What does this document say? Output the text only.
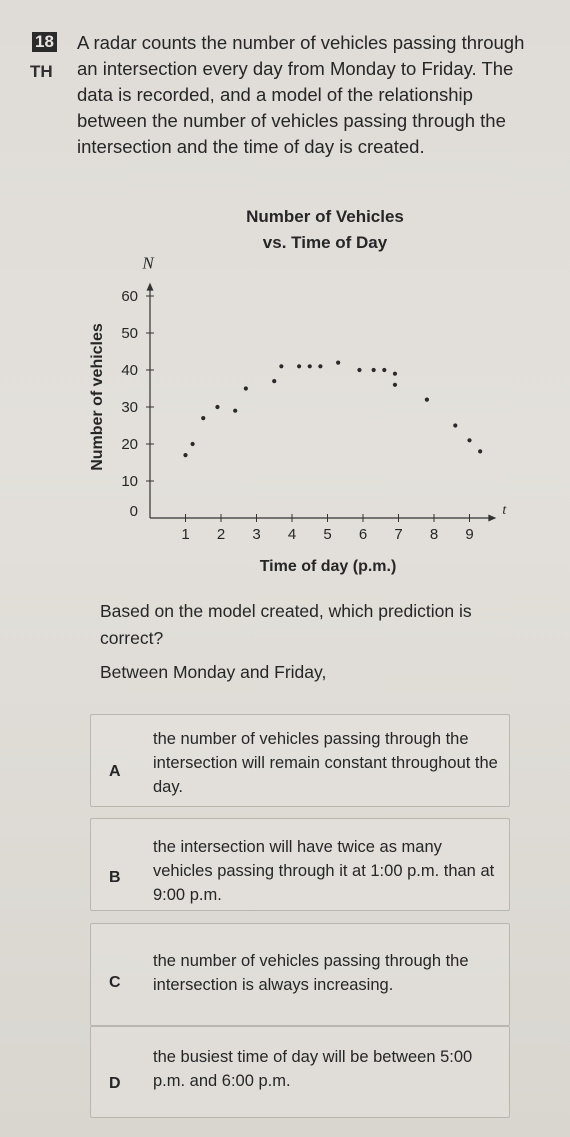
18
TH

A radar counts the number of vehicles passing through an intersection every day from Monday to Friday. The data is recorded, and a model of the relationship between the number of vehicles passing through the intersection and the time of day is created.

Number of Vehicles
vs. Time of Day
N
t
0
10
20
30
40
50
60
1 2 3 4 5 6 7 8 9
Time of day (p.m.)
Number of vehicles

Based on the model created, which prediction is correct?

Between Monday and Friday,

A

the number of vehicles passing through the intersection will remain constant throughout the day.

B

the intersection will have twice as many vehicles passing through it at 1:00 p.m. than at 9:00 p.m.

C

the number of vehicles passing through the intersection is always increasing.

D

the busiest time of day will be between 5:00 p.m. and 6:00 p.m.
